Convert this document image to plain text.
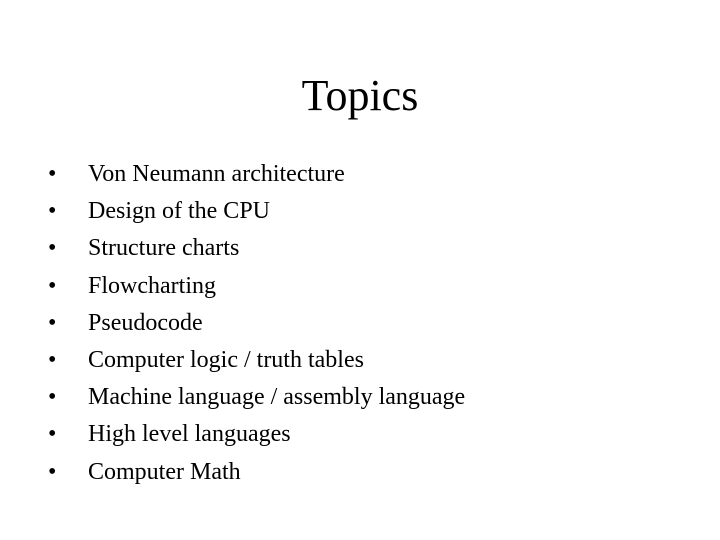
Topics
•	Von Neumann architecture
•	Design of the CPU
•	Structure charts
•	Flowcharting
•	Pseudocode
•	Computer logic / truth tables
•	Machine language / assembly language
•	High level languages
•	Computer Math
